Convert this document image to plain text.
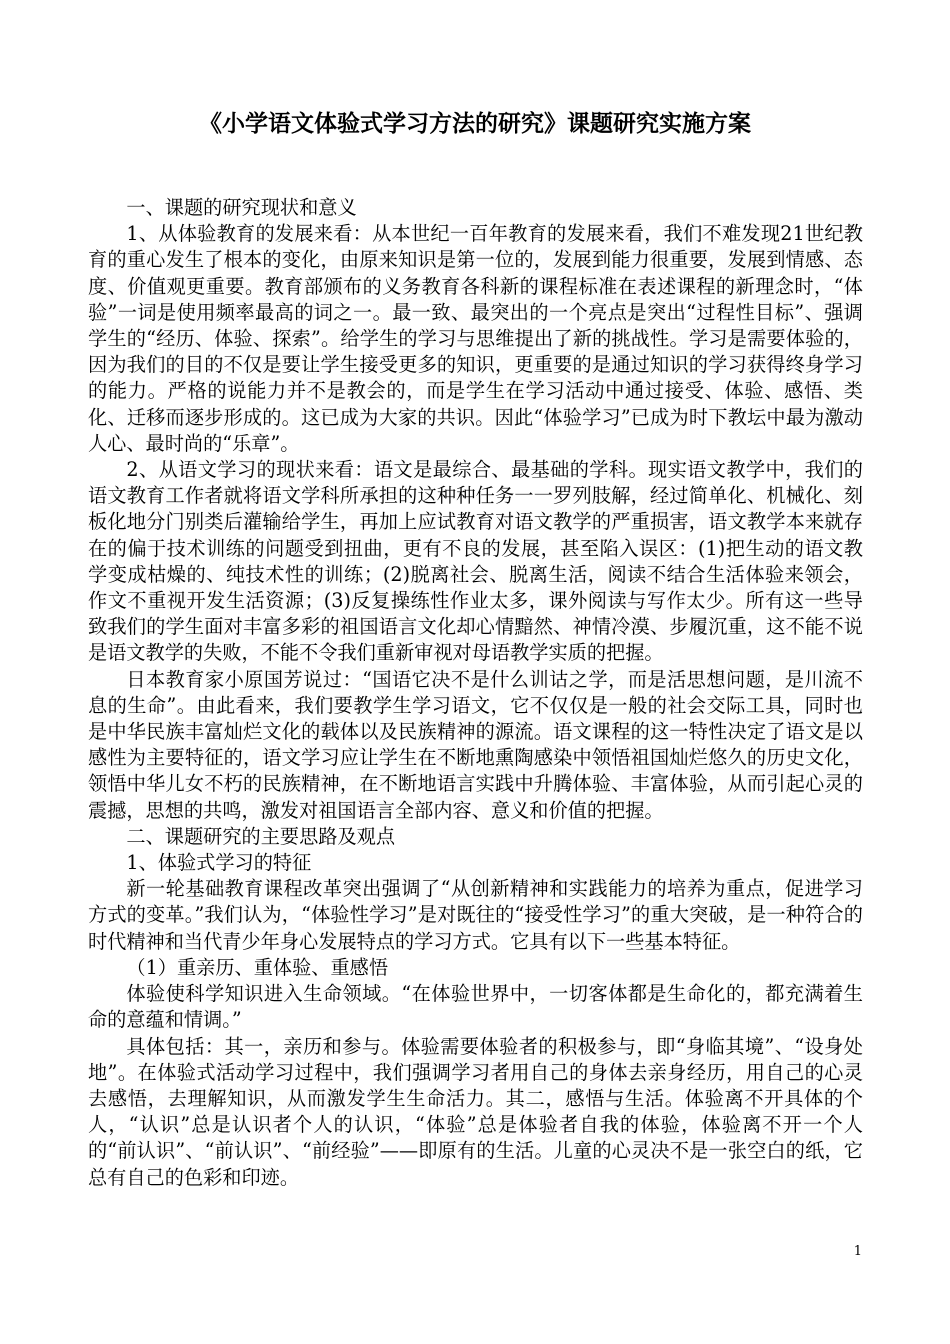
《小学语文体验式学习方法的研究》课题研究实施方案

一、课题的研究现状和意义

1、从体验教育的发展来看：从本世纪一百年教育的发展来看，我们不难发现21世纪教育的重心发生了根本的变化，由原来知识是第一位的，发展到能力很重要，发展到情感、态度、价值观更重要。教育部颁布的义务教育各科新的课程标准在表述课程的新理念时，“体验”一词是使用频率最高的词之一。最一致、最突出的一个亮点是突出“过程性目标”、强调学生的“经历、体验、探索”。给学生的学习与思维提出了新的挑战性。学习是需要体验的，因为我们的目的不仅是要让学生接受更多的知识，更重要的是通过知识的学习获得终身学习的能力。严格的说能力并不是教会的，而是学生在学习活动中通过接受、体验、感悟、类化、迁移而逐步形成的。这已成为大家的共识。因此“体验学习”已成为时下教坛中最为激动人心、最时尚的“乐章”。

2、从语文学习的现状来看：语文是最综合、最基础的学科。现实语文教学中，我们的语文教育工作者就将语文学科所承担的这种种任务一一罗列肢解，经过简单化、机械化、刻板化地分门别类后灌输给学生，再加上应试教育对语文教学的严重损害，语文教学本来就存在的偏于技术训练的问题受到扭曲，更有不良的发展，甚至陷入误区：(1)把生动的语文教学变成枯燥的、纯技术性的训练；(2)脱离社会、脱离生活，阅读不结合生活体验来领会，作文不重视开发生活资源；(3)反复操练性作业太多，课外阅读与写作太少。所有这一些导致我们的学生面对丰富多彩的祖国语言文化却心情黯然、神情冷漠、步履沉重，这不能不说是语文教学的失败，不能不令我们重新审视对母语教学实质的把握。

日本教育家小原国芳说过：“国语它决不是什么训诂之学，而是活思想问题，是川流不息的生命”。由此看来，我们要教学生学习语文，它不仅仅是一般的社会交际工具，同时也是中华民族丰富灿烂文化的载体以及民族精神的源流。语文课程的这一特性决定了语文是以感性为主要特征的，语文学习应让学生在不断地熏陶感染中领悟祖国灿烂悠久的历史文化，领悟中华儿女不朽的民族精神，在不断地语言实践中升腾体验、丰富体验，从而引起心灵的震撼，思想的共鸣，激发对祖国语言全部内容、意义和价值的把握。

二、课题研究的主要思路及观点

1、体验式学习的特征

新一轮基础教育课程改革突出强调了“从创新精神和实践能力的培养为重点，促进学习方式的变革。”我们认为，“体验性学习”是对既往的“接受性学习”的重大突破，是一种符合的时代精神和当代青少年身心发展特点的学习方式。它具有以下一些基本特征。

（1）重亲历、重体验、重感悟

体验使科学知识进入生命领域。“在体验世界中，一切客体都是生命化的，都充满着生命的意蕴和情调。”

具体包括：其一，亲历和参与。体验需要体验者的积极参与，即“身临其境”、“设身处地”。在体验式活动学习过程中，我们强调学习者用自己的身体去亲身经历，用自己的心灵去感悟，去理解知识，从而激发学生生命活力。其二，感悟与生活。体验离不开具体的个人，“认识”总是认识者个人的认识，“体验”总是体验者自我的体验，体验离不开一个人的“前认识”、“前认识”、“前经验”——即原有的生活。儿童的心灵决不是一张空白的纸，它总有自己的色彩和印迹。

1
